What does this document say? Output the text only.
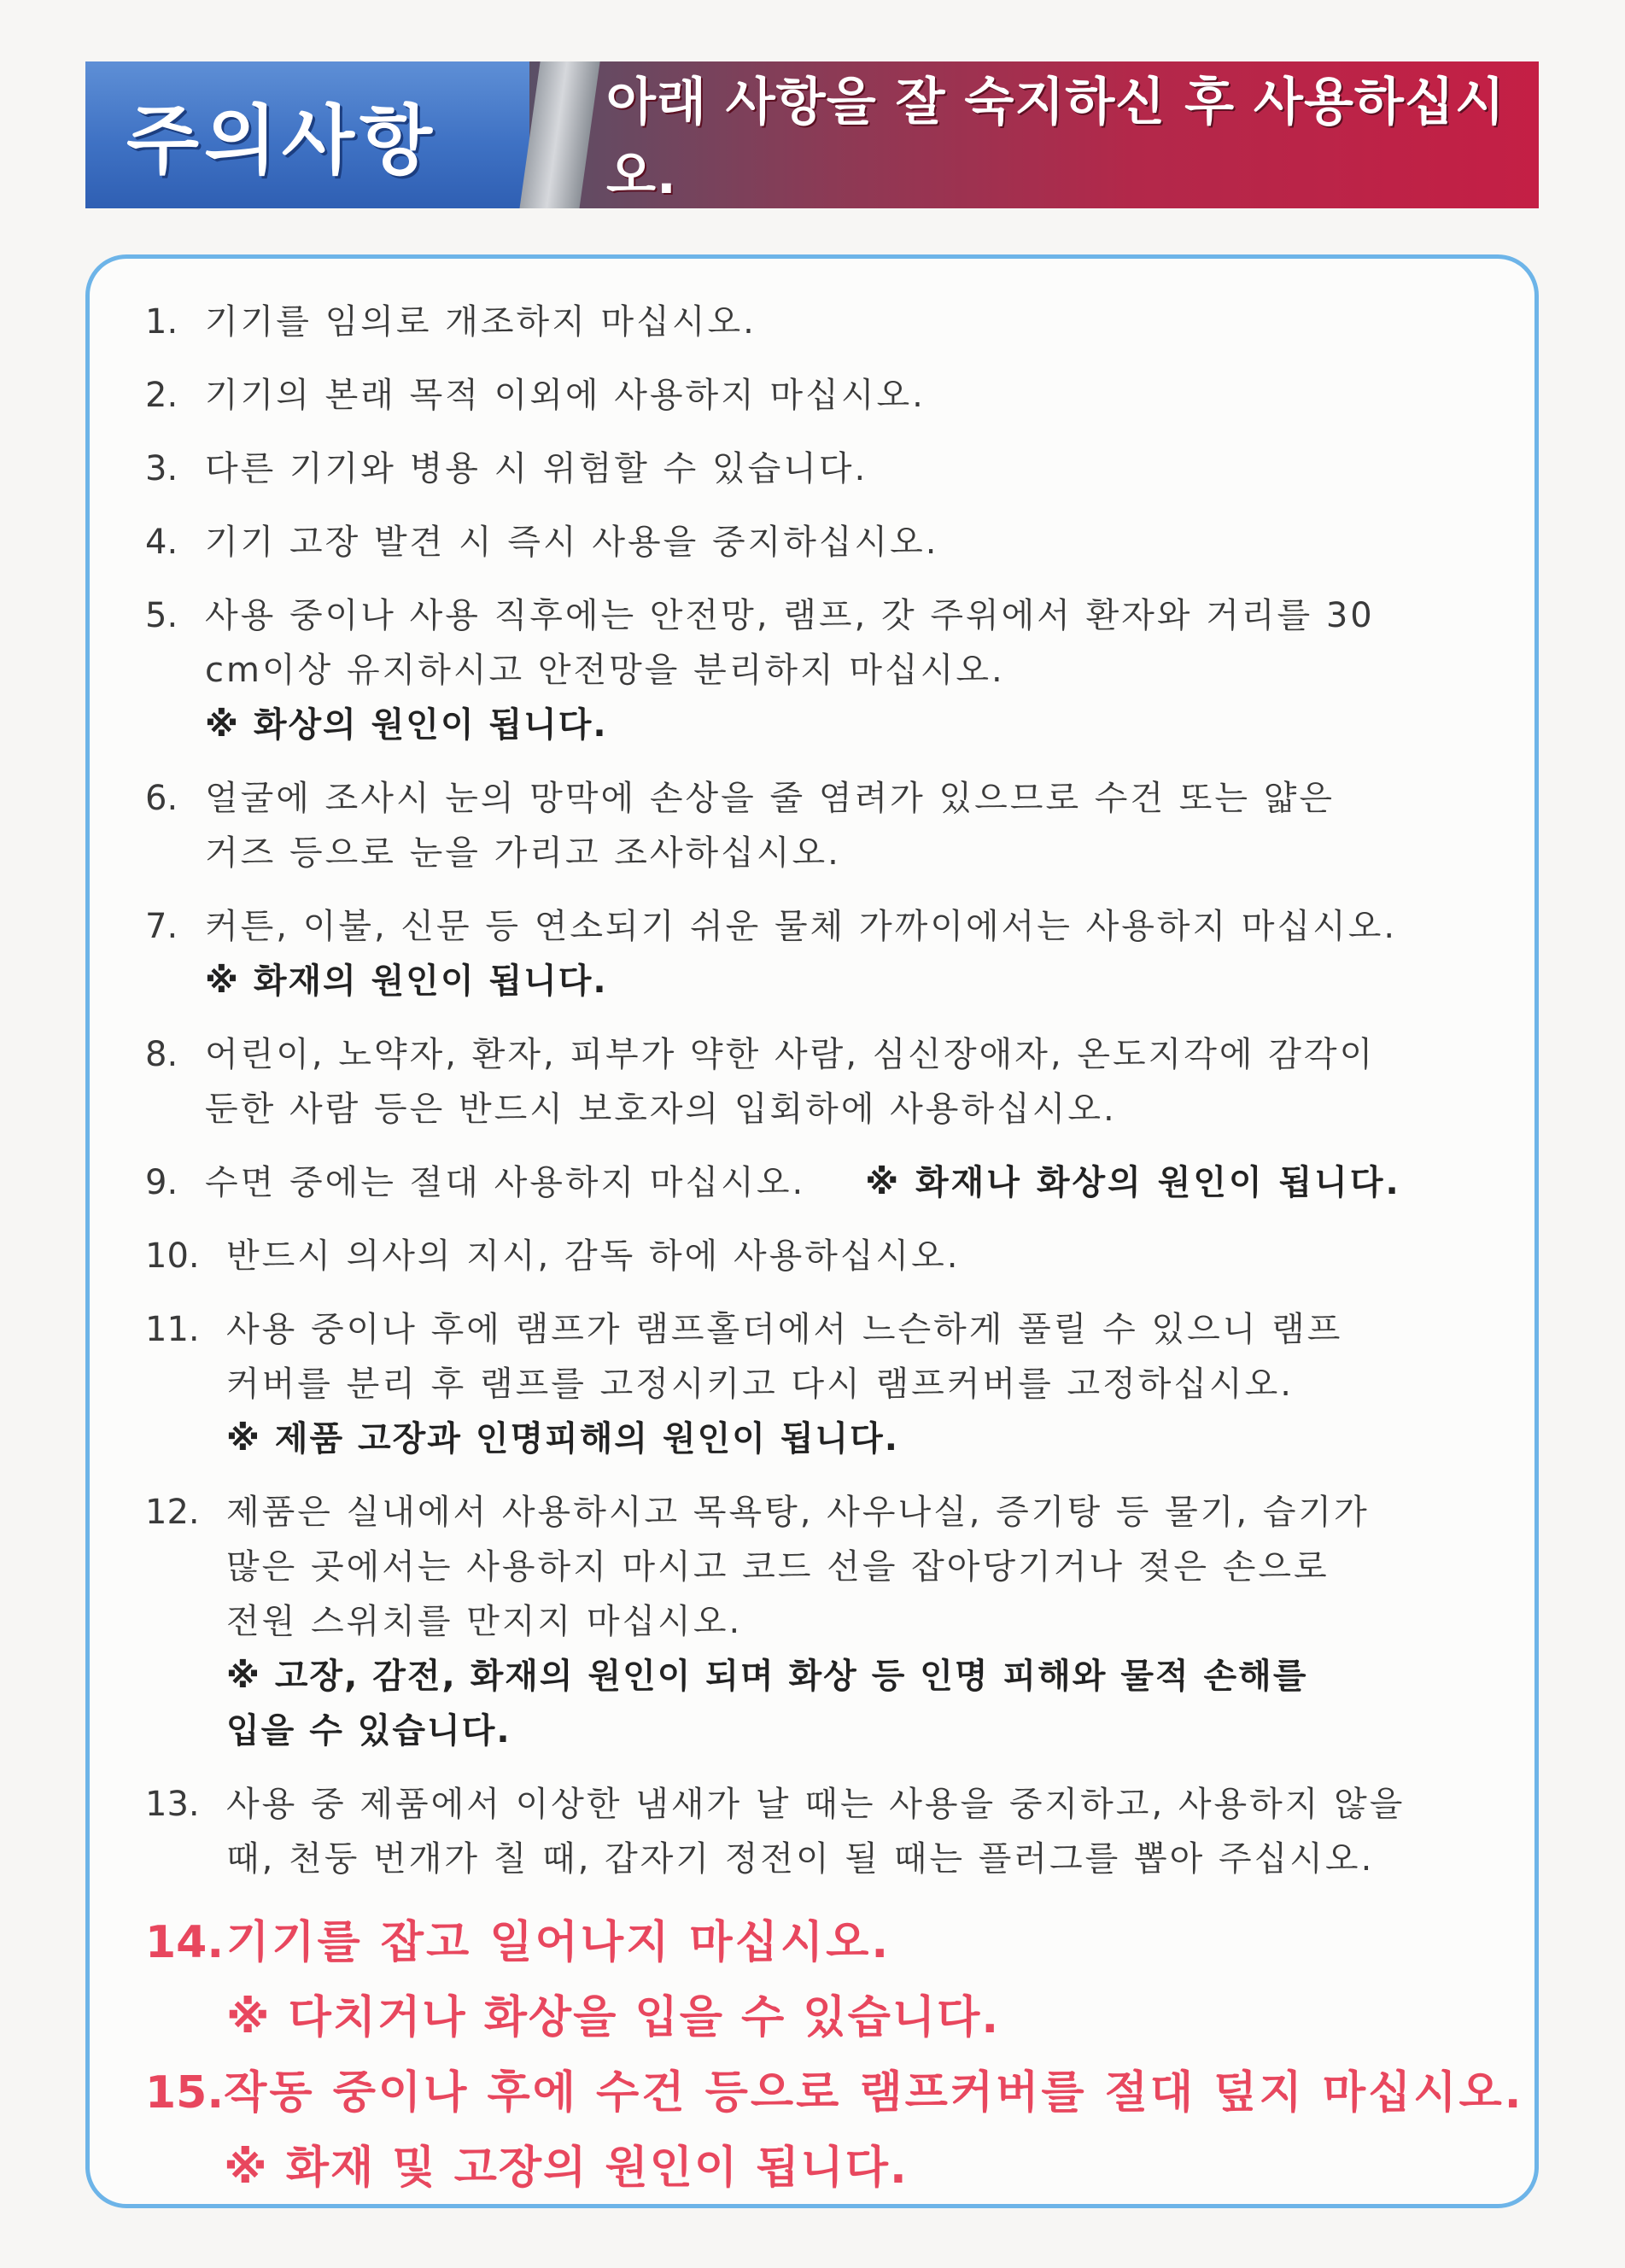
주의사항	아래 사항을 잘 숙지하신 후 사용하십시오.
1. 기기를 임의로 개조하지 마십시오.
2. 기기의 본래 목적 이외에 사용하지 마십시오.
3. 다른 기기와 병용 시 위험할 수 있습니다.
4. 기기 고장 발견 시 즉시 사용을 중지하십시오.
5. 사용 중이나 사용 직후에는 안전망, 램프, 갓 주위에서 환자와 거리를 30
cm이상 유지하시고 안전망을 분리하지 마십시오.
※ 화상의 원인이 됩니다.
6. 얼굴에 조사시 눈의 망막에 손상을 줄 염려가 있으므로 수건 또는 얇은
거즈 등으로 눈을 가리고 조사하십시오.
7. 커튼, 이불, 신문 등 연소되기 쉬운 물체 가까이에서는 사용하지 마십시오.
※ 화재의 원인이 됩니다.
8. 어린이, 노약자, 환자, 피부가 약한 사람, 심신장애자, 온도지각에 감각이
둔한 사람 등은 반드시 보호자의 입회하에 사용하십시오.
9. 수면 중에는 절대 사용하지 마십시오. ※ 화재나 화상의 원인이 됩니다.
10. 반드시 의사의 지시, 감독 하에 사용하십시오.
11. 사용 중이나 후에 램프가 램프홀더에서 느슨하게 풀릴 수 있으니 램프
커버를 분리 후 램프를 고정시키고 다시 램프커버를 고정하십시오.
※ 제품 고장과 인명피해의 원인이 됩니다.
12. 제품은 실내에서 사용하시고 목욕탕, 사우나실, 증기탕 등 물기, 습기가
많은 곳에서는 사용하지 마시고 코드 선을 잡아당기거나 젖은 손으로
전원 스위치를 만지지 마십시오.
※ 고장, 감전, 화재의 원인이 되며 화상 등 인명 피해와 물적 손해를
입을 수 있습니다.
13. 사용 중 제품에서 이상한 냄새가 날 때는 사용을 중지하고, 사용하지 않을
때, 천둥 번개가 칠 때, 갑자기 정전이 될 때는 플러그를 뽑아 주십시오.
14. 기기를 잡고 일어나지 마십시오.
※ 다치거나 화상을 입을 수 있습니다.
15. 작동 중이나 후에 수건 등으로 램프커버를 절대 덮지 마십시오.
※ 화재 및 고장의 원인이 됩니다.
